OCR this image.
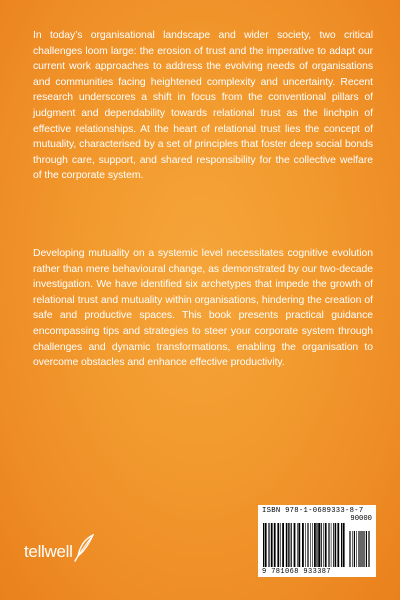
In today’s organisational landscape and wider society, two critical challenges loom large: the erosion of trust and the imperative to adapt our current work approaches to address the evolving needs of organisations and communities facing heightened complexity and uncertainty. Recent research underscores a shift in focus from the conventional pillars of judgment and dependability towards relational trust as the linchpin of effective relationships. At the heart of relational trust lies the concept of mutuality, characterised by a set of principles that foster deep social bonds through care, support, and shared responsibility for the collective welfare of the corporate system.

Developing mutuality on a systemic level necessitates cognitive evolution rather than mere behavioural change, as demonstrated by our two-decade investigation. We have identified six archetypes that impede the growth of relational trust and mutuality within organisations, hindering the creation of safe and productive spaces. This book presents practical guidance encompassing tips and strategies to steer your corporate system through challenges and dynamic transformations, enabling the organisation to overcome obstacles and enhance effective productivity.

tellwell
ISBN 978-1-0689333-8-7
90000
9 781068 933387
